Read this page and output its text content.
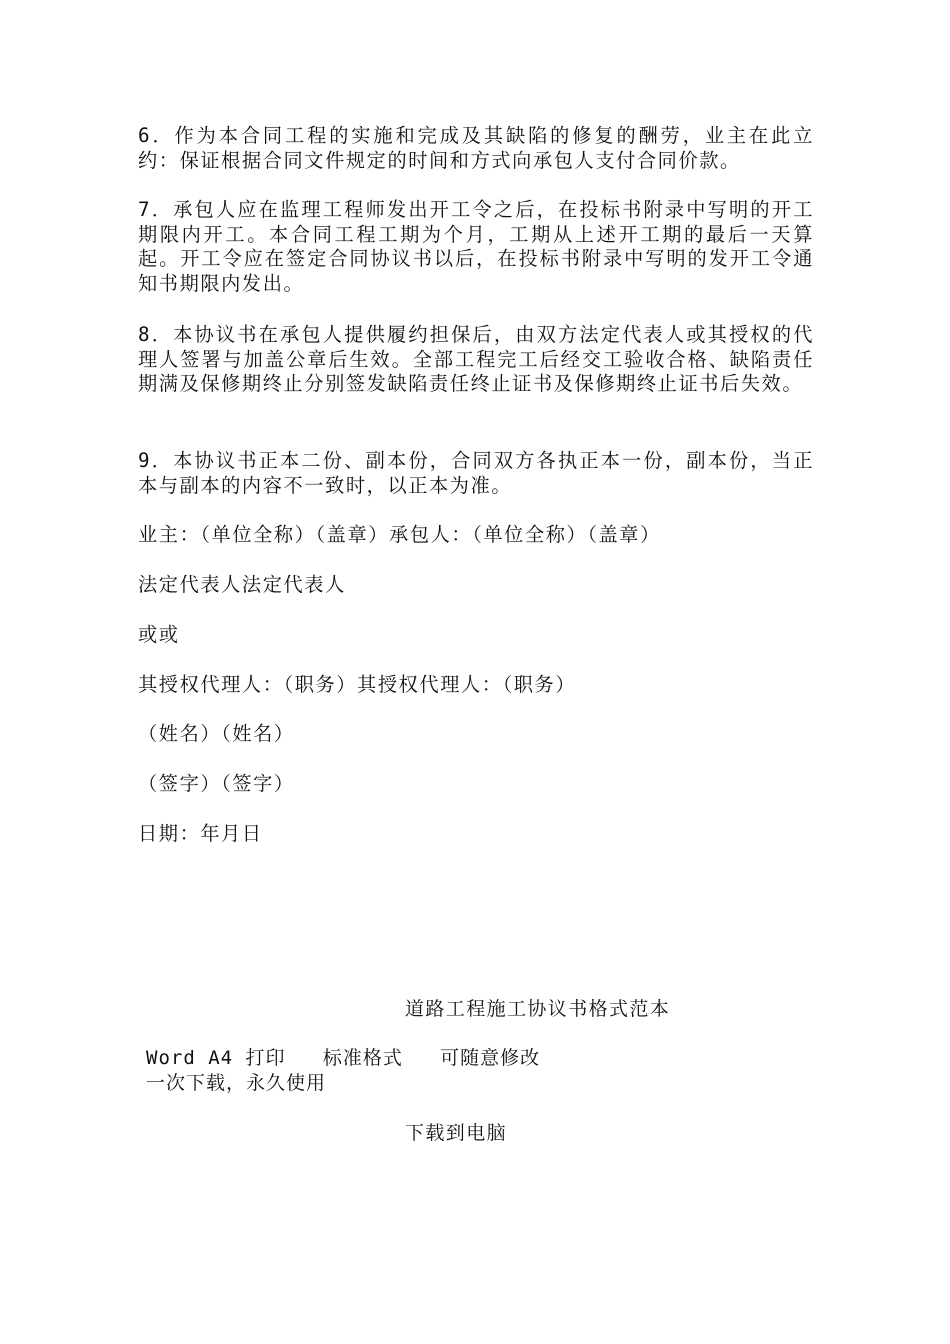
6．作为本合同工程的实施和完成及其缺陷的修复的酬劳，业主在此立约：保证根据合同文件规定的时间和方式向承包人支付合同价款。

7．承包人应在监理工程师发出开工令之后，在投标书附录中写明的开工期限内开工。本合同工程工期为个月，工期从上述开工期的最后一天算起。开工令应在签定合同协议书以后，在投标书附录中写明的发开工令通知书期限内发出。

8．本协议书在承包人提供履约担保后，由双方法定代表人或其授权的代理人签署与加盖公章后生效。全部工程完工后经交工验收合格、缺陷责任期满及保修期终止分别签发缺陷责任终止证书及保修期终止证书后失效。

9．本协议书正本二份、副本份，合同双方各执正本一份，副本份，当正本与副本的内容不一致时，以正本为准。

业主：（单位全称）（盖章）承包人：（单位全称）（盖章）

法定代表人法定代表人

或或

其授权代理人：（职务）其授权代理人：（职务）

（姓名）（姓名）

（签字）（签字）

日期：年月日

道路工程施工协议书格式范本
Word A4 打印   标准格式   可随意修改
一次下载，永久使用
下载到电脑
